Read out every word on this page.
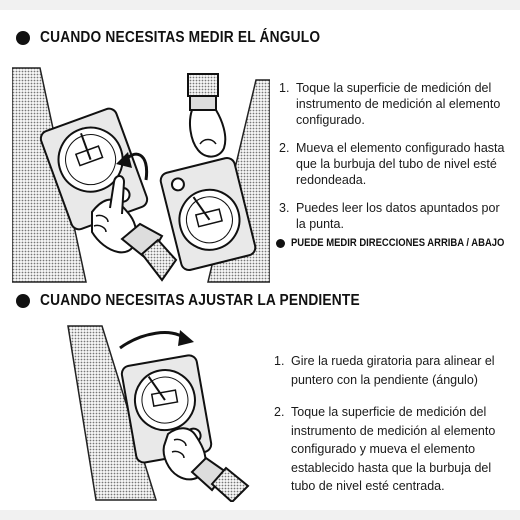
CUANDO NECESITAS MEDIR EL ÁNGULO
1. Toque la superficie de medición del instrumento de medición al elemento configurado.
2. Mueva el elemento configurado hasta que la burbuja del tubo de nivel esté redondeada.
3. Puedes leer los datos apuntados por la punta.
PUEDE MEDIR DIRECCIONES ARRIBA / ABAJO
CUANDO NECESITAS AJUSTAR LA PENDIENTE
1. Gire la rueda giratoria para alinear el puntero con la pendiente (ángulo)
2. Toque la superficie de medición del instrumento de medición al elemento configurado y mueva el elemento establecido hasta que la burbuja del tubo de nivel esté centrada.
